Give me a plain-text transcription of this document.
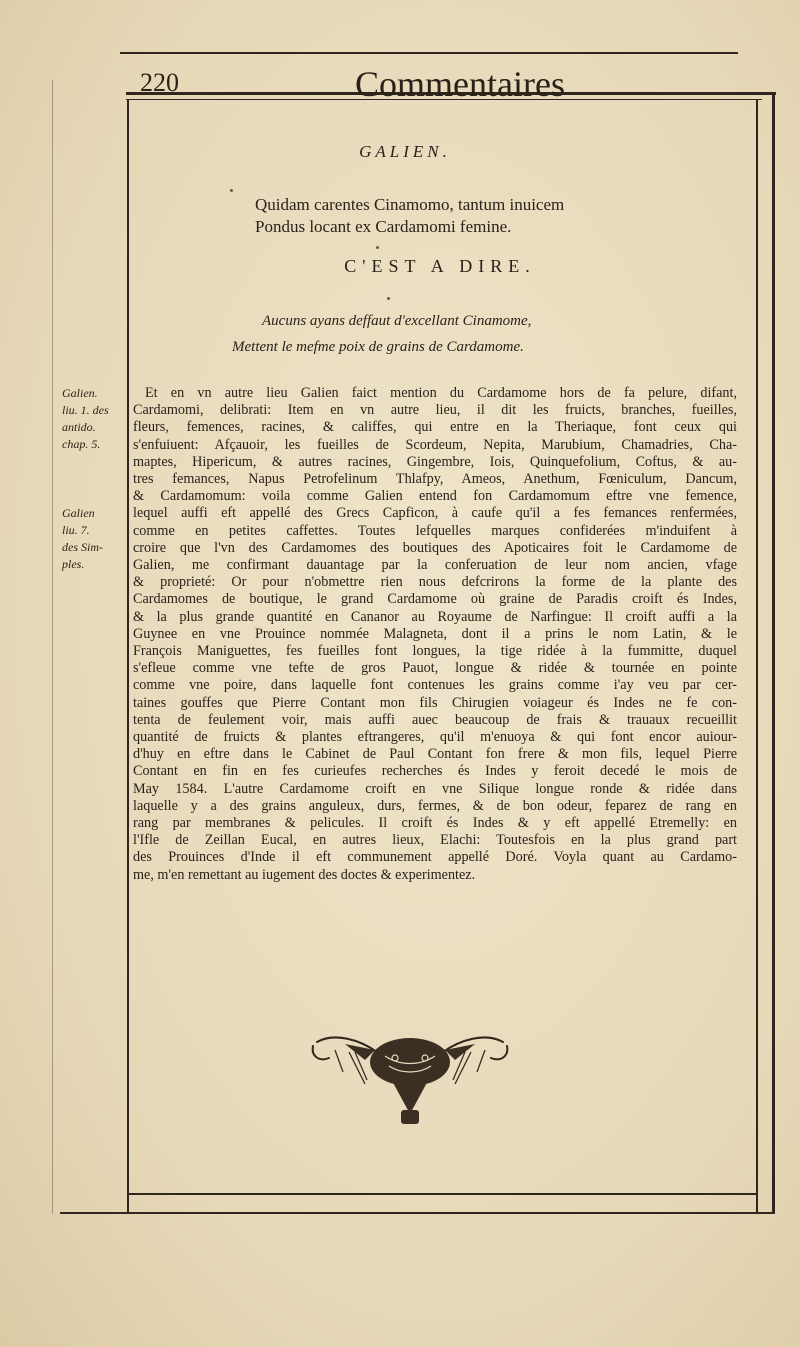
220	Commentaires
GALIEN.
Quidam carentes Cinamomo, tantum inuicem
Pondus locant ex Cardamomi femine.
C'EST A DIRE.
Aucuns ayans deffaut d'excellant Cinamome,
Mettent le mefme poix de grains de Cardamome.
Galien.
liu. 1. des
antido.
chap. 5.
Galien
liu. 7.
des Sim-
ples.
Et en vn autre lieu Galien faict mention du Cardamome hors de fa pelure, difant,
Cardamomi, delibrati: Item en vn autre lieu, il dit les fruicts, branches, fueilles,
fleurs, femences, racines, & califfes, qui entre en la Theriaque, font ceux qui
s'enfuiuent: Afçauoir, les fueilles de Scordeum, Nepita, Marubium, Chamadries, Cha-
maptes, Hipericum, & autres racines, Gingembre, Iois, Quinquefolium, Coftus, & au-
tres femances, Napus Petrofelinum Thlafpy, Ameos, Anethum, Fœniculum, Dancum,
& Cardamomum: voila comme Galien entend fon Cardamomum eftre vne femence,
lequel auffi eft appellé des Grecs Capficon, à caufe qu'il a fes femances renfermées,
comme en petites caffettes. Toutes lefquelles marques confiderées m'induifent à
croire que l'vn des Cardamomes des boutiques des Apoticaires foit le Cardamome de
Galien, me confirmant dauantage par la conferuation de leur nom ancien, vfage
& proprieté: Or pour n'obmettre rien nous defcrirons la forme de la plante des
Cardamomes de boutique, le grand Cardamome où graine de Paradis croift és Indes,
& la plus grande quantité en Cananor au Royaume de Narfingue: Il croift auffi a la
Guynee en vne Prouince nommée Malagneta, dont il a prins le nom Latin, & le
François Maniguettes, fes fueilles font longues, la tige ridée à la fummitte, duquel
s'efleue comme vne tefte de gros Pauot, longue & ridée & tournée en pointe
comme vne poire, dans laquelle font contenues les grains comme i'ay veu par cer-
taines gouffes que Pierre Contant mon fils Chirugien voiageur és Indes ne fe con-
tenta de feulement voir, mais auffi auec beaucoup de frais & trauaux recueillit
quantité de fruicts & plantes eftrangeres, qu'il m'enuoya & qui font encor auiour-
d'huy en eftre dans le Cabinet de Paul Contant fon frere & mon fils, lequel Pierre
Contant en fin en fes curieufes recherches és Indes y feroit decedé le mois de
May 1584. L'autre Cardamome croift en vne Silique longue ronde & ridée dans
laquelle y a des grains anguleux, durs, fermes, & de bon odeur, feparez de rang en
rang par membranes & pelicules. Il croift és Indes & y eft appellé Etremelly: en
l'Ifle de Zeillan Eucal, en autres lieux, Elachi: Toutesfois en la plus grand part
des Prouinces d'Inde il eft communement appellé Doré. Voyla quant au Cardamo-
me, m'en remettant au iugement des doctes & experimentez.
